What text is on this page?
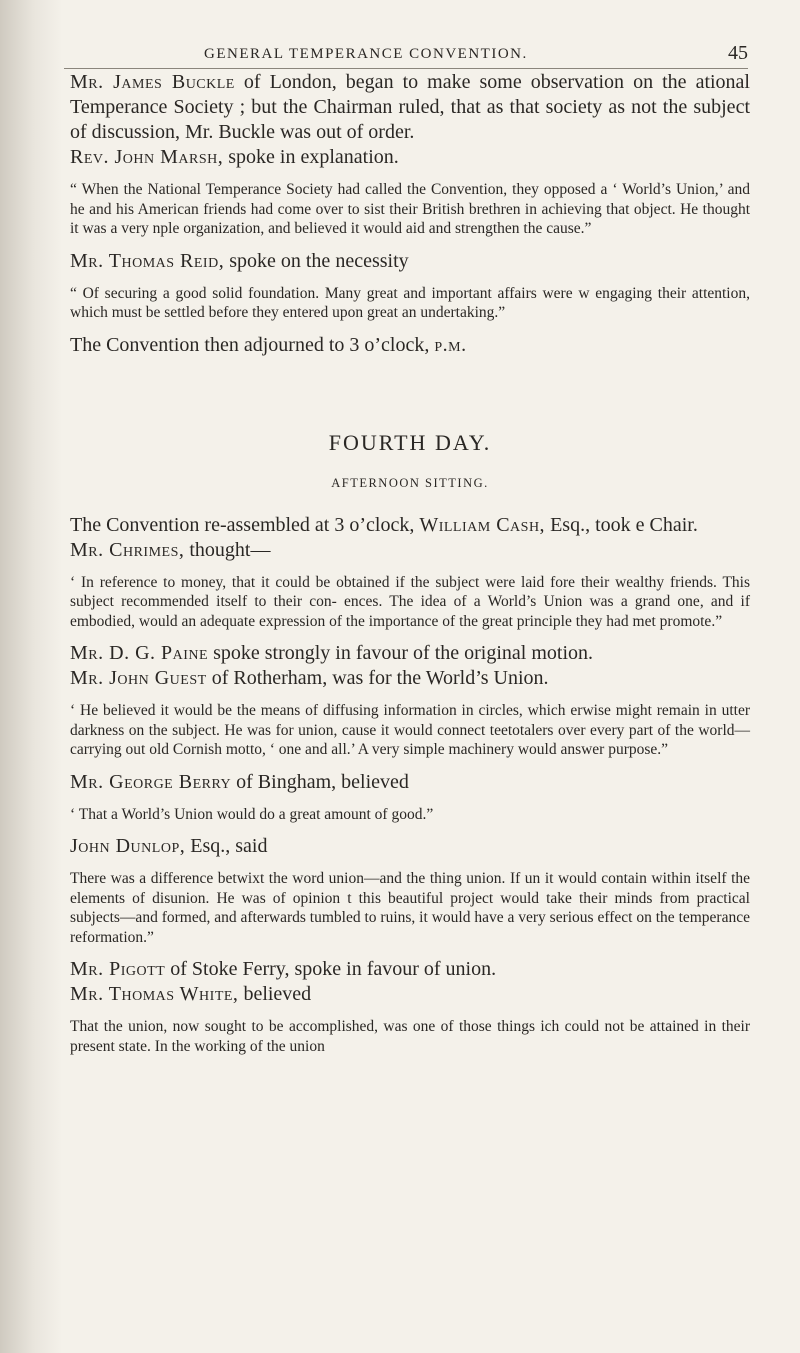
GENERAL TEMPERANCE CONVENTION.	45

Mr. James Buckle of London, began to make some observation on the ational Temperance Society ; but the Chairman ruled, that as that society as not the subject of discussion, Mr. Buckle was out of order.

Rev. John Marsh, spoke in explanation.

“ When the National Temperance Society had called the Convention, they opposed a ‘ World’s Union,’ and he and his American friends had come over to sist their British brethren in achieving that object. He thought it was a very nple organization, and believed it would aid and strengthen the cause.”

Mr. Thomas Reid, spoke on the necessity

“ Of securing a good solid foundation. Many great and important affairs were w engaging their attention, which must be settled before they entered upon great an undertaking.”

The Convention then adjourned to 3 o’clock, p.m.

FOURTH DAY.

AFTERNOON SITTING.

The Convention re-assembled at 3 o’clock, William Cash, Esq., took e Chair.

Mr. Chrimes, thought—

‘ In reference to money, that it could be obtained if the subject were laid fore their wealthy friends. This subject recommended itself to their con- ences. The idea of a World’s Union was a grand one, and if embodied, would an adequate expression of the importance of the great principle they had met promote.”

Mr. D. G. Paine spoke strongly in favour of the original motion.

Mr. John Guest of Rotherham, was for the World’s Union.

‘ He believed it would be the means of diffusing information in circles, which erwise might remain in utter darkness on the subject. He was for union, cause it would connect teetotalers over every part of the world—carrying out old Cornish motto, ‘ one and all.’ A very simple machinery would answer purpose.”

Mr. George Berry of Bingham, believed

‘ That a World’s Union would do a great amount of good.”

John Dunlop, Esq., said

There was a difference betwixt the word union—and the thing union. If un it would contain within itself the elements of disunion. He was of opinion t this beautiful project would take their minds from practical subjects—and formed, and afterwards tumbled to ruins, it would have a very serious effect on the temperance reformation.”

Mr. Pigott of Stoke Ferry, spoke in favour of union.

Mr. Thomas White, believed

That the union, now sought to be accomplished, was one of those things ich could not be attained in their present state. In the working of the union
